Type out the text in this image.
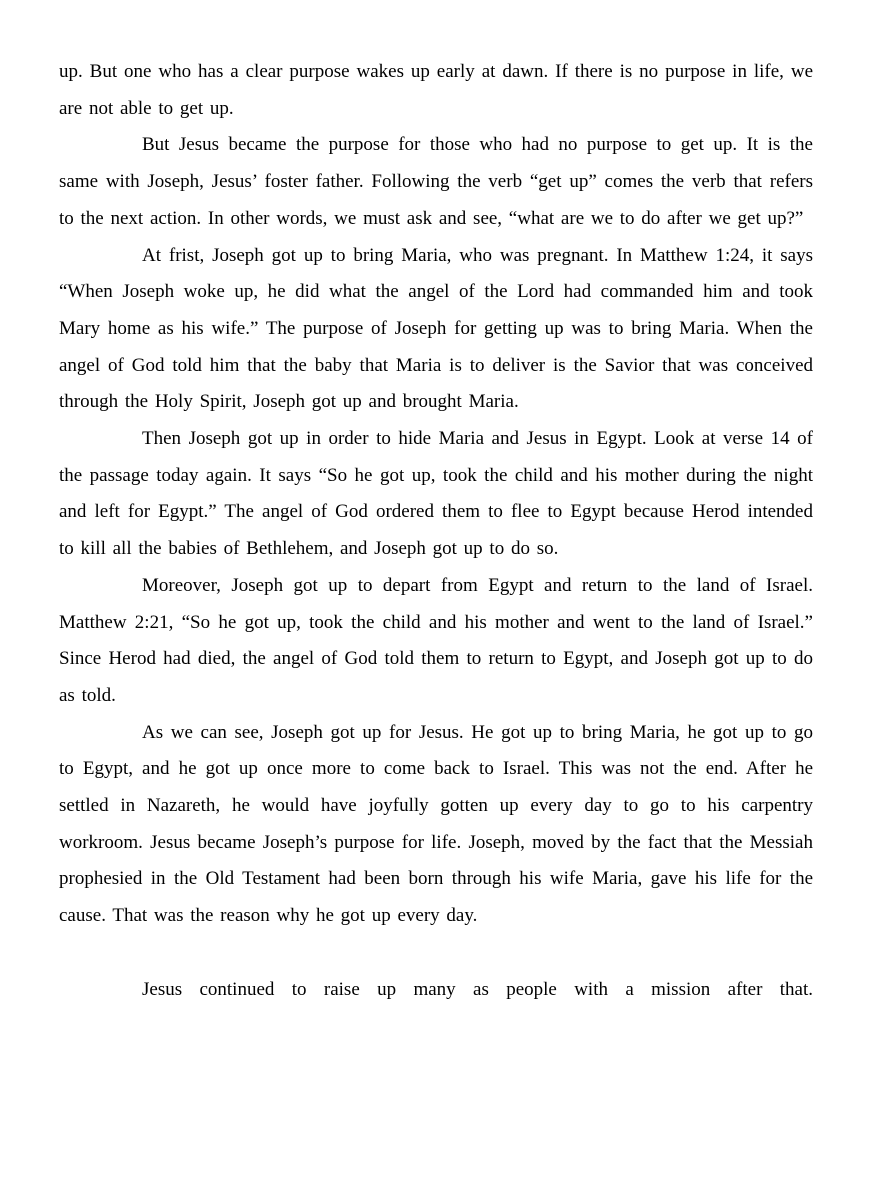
up. But one who has a clear purpose wakes up early at dawn. If there is no purpose in life, we are not able to get up.

But Jesus became the purpose for those who had no purpose to get up. It is the same with Joseph, Jesus’ foster father. Following the verb “get up” comes the verb that refers to the next action. In other words, we must ask and see, “what are we to do after we get up?”

At frist, Joseph got up to bring Maria, who was pregnant. In Matthew 1:24, it says “When Joseph woke up, he did what the angel of the Lord had commanded him and took Mary home as his wife.” The purpose of Joseph for getting up was to bring Maria. When the angel of God told him that the baby that Maria is to deliver is the Savior that was conceived through the Holy Spirit, Joseph got up and brought Maria.

Then Joseph got up in order to hide Maria and Jesus in Egypt. Look at verse 14 of the passage today again. It says “So he got up, took the child and his mother during the night and left for Egypt.” The angel of God ordered them to flee to Egypt because Herod intended to kill all the babies of Bethlehem, and Joseph got up to do so.

Moreover, Joseph got up to depart from Egypt and return to the land of Israel. Matthew 2:21, “So he got up, took the child and his mother and went to the land of Israel.” Since Herod had died, the angel of God told them to return to Egypt, and Joseph got up to do as told.

As we can see, Joseph got up for Jesus. He got up to bring Maria, he got up to go to Egypt, and he got up once more to come back to Israel. This was not the end. After he settled in Nazareth, he would have joyfully gotten up every day to go to his carpentry workroom. Jesus became Joseph’s purpose for life. Joseph, moved by the fact that the Messiah prophesied in the Old Testament had been born through his wife Maria, gave his life for the cause. That was the reason why he got up every day.

Jesus continued to raise up many as people with a mission after that.
